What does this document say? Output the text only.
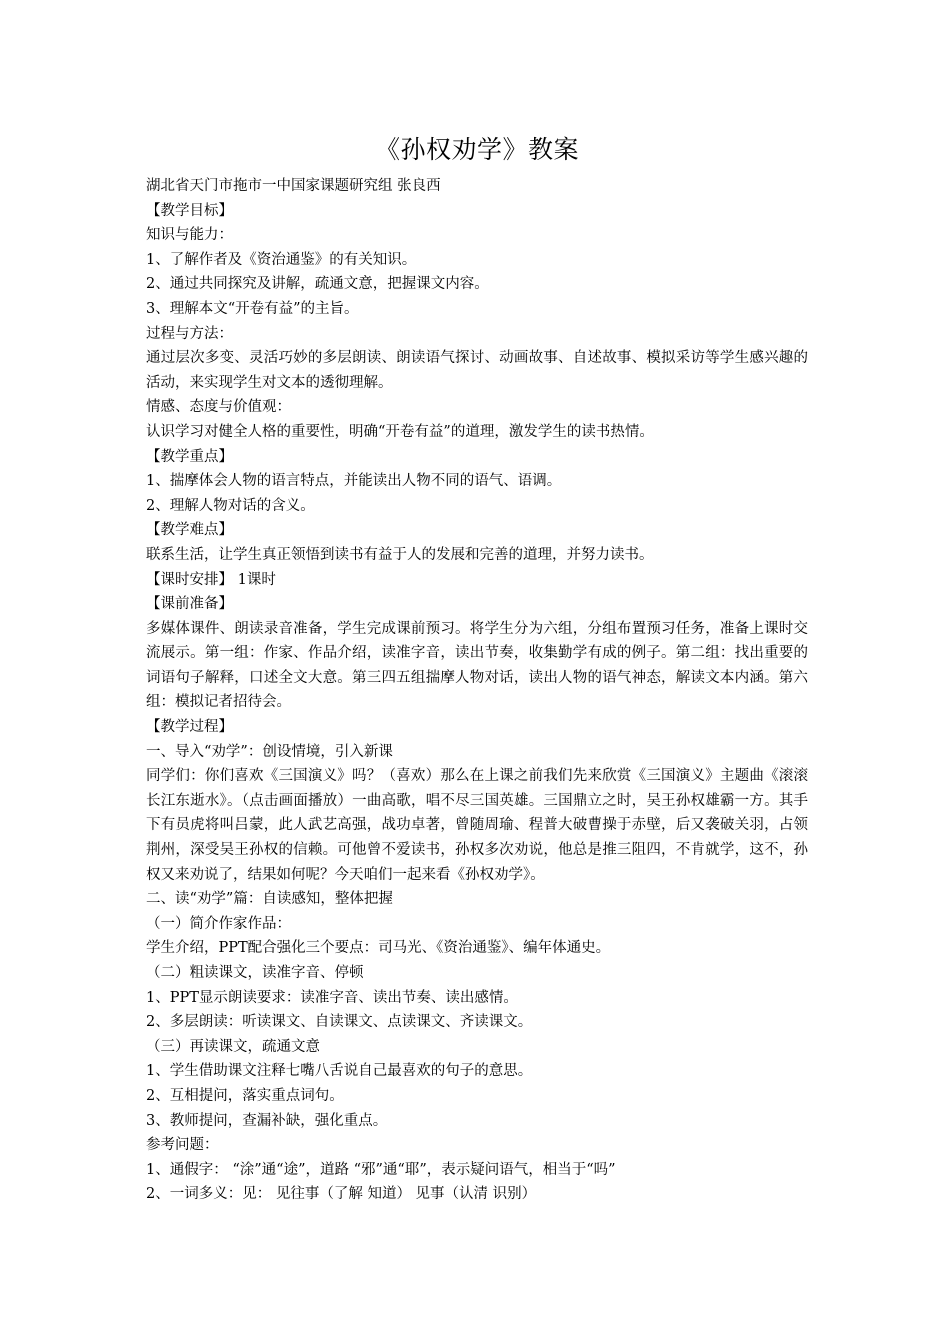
《孙权劝学》教案
湖北省天门市拖市一中国家课题研究组 张良西
【教学目标】
知识与能力：
1、了解作者及《资治通鉴》的有关知识。
2、通过共同探究及讲解，疏通文意，把握课文内容。
3、理解本文“开卷有益”的主旨。
过程与方法：
通过层次多变、灵活巧妙的多层朗读、朗读语气探讨、动画故事、自述故事、模拟采访等学生感兴趣的活动，来实现学生对文本的透彻理解。
情感、态度与价值观：
认识学习对健全人格的重要性，明确“开卷有益”的道理，激发学生的读书热情。
【教学重点】
1、揣摩体会人物的语言特点，并能读出人物不同的语气、语调。
2、理解人物对话的含义。
【教学难点】
联系生活，让学生真正领悟到读书有益于人的发展和完善的道理，并努力读书。
【课时安排】 1课时
【课前准备】
多媒体课件、朗读录音准备，学生完成课前预习。将学生分为六组，分组布置预习任务，准备上课时交流展示。第一组：作家、作品介绍，读准字音，读出节奏，收集勤学有成的例子。第二组：找出重要的词语句子解释，口述全文大意。第三四五组揣摩人物对话，读出人物的语气神态，解读文本内涵。第六组：模拟记者招待会。
【教学过程】
一、导入“劝学”：创设情境，引入新课
同学们：你们喜欢《三国演义》吗？（喜欢）那么在上课之前我们先来欣赏《三国演义》主题曲《滚滚长江东逝水》。（点击画面播放）一曲高歌，唱不尽三国英雄。三国鼎立之时，吴王孙权雄霸一方。其手下有员虎将叫吕蒙，此人武艺高强，战功卓著，曾随周瑜、程普大破曹操于赤壁，后又袭破关羽，占领荆州，深受吴王孙权的信赖。可他曾不爱读书，孙权多次劝说，他总是推三阻四，不肯就学，这不，孙权又来劝说了，结果如何呢？今天咱们一起来看《孙权劝学》。
二、读“劝学”篇：自读感知，整体把握
（一）简介作家作品：
学生介绍，PPT配合强化三个要点：司马光、《资治通鉴》、编年体通史。
（二）粗读课文，读准字音、停顿
1、PPT显示朗读要求：读准字音、读出节奏、读出感情。
2、多层朗读：听读课文、自读课文、点读课文、齐读课文。
（三）再读课文，疏通文意
1、学生借助课文注释七嘴八舌说自己最喜欢的句子的意思。
2、互相提问，落实重点词句。
3、教师提问，查漏补缺，强化重点。
参考问题：
1、通假字： “涂”通“途”，道路 “邪”通“耶”，表示疑问语气，相当于“吗”
2、一词多义：见： 见往事（了解 知道） 见事（认清 识别）
